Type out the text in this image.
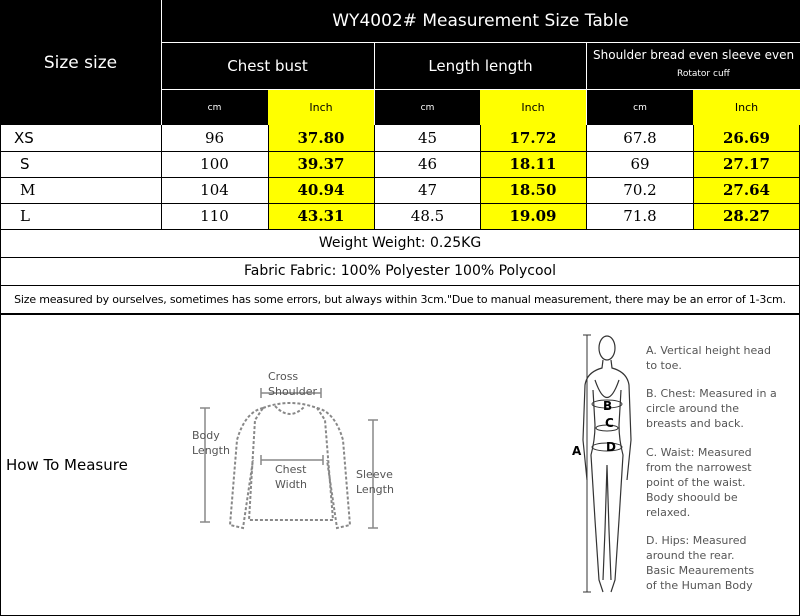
Size size
WY4002# Measurement Size Table
Chest bust	Length length
Shoulder bread even sleeve even
Rotator cuff
cm	Inch	cm	Inch	cm	Inch
XS	96	37.80	45	17.72	67.8	26.69
S	100	39.37	46	18.11	69	27.17
M	104	40.94	47	18.50	70.2	27.64
L	110	43.31	48.5	19.09	71.8	28.27
Weight Weight: 0.25KG
Fabric Fabric: 100% Polyester 100% Polycool
Size measured by ourselves, sometimes has some errors, but always within 3cm."Due to manual measurement, there may be an error of 1-3cm.
How To Measure
Cross
Shoulder
Body
Length
Chest
Width
Sleeve
Length
A
B
C
D
A. Vertical height head
to toe.
B. Chest: Measured in a
circle around the
breasts and back.
C. Waist: Measured
from the narrowest
point of the waist.
Body shoould be
relaxed.
D. Hips: Measured
around the rear.
Basic Meaurements
of the Human Body
